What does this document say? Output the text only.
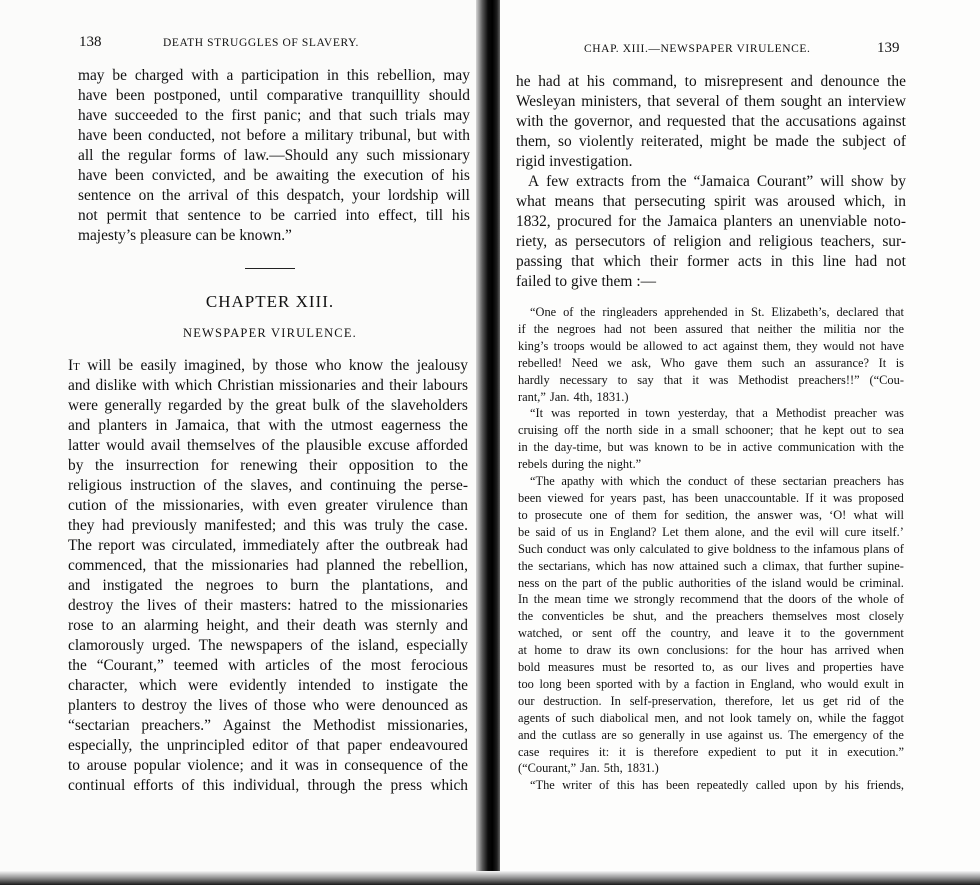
138	DEATH STRUGGLES OF SLAVERY.
may be charged with a participation in this rebellion, may
have been postponed, until comparative tranquillity should
have succeeded to the first panic; and that such trials may
have been conducted, not before a military tribunal, but with
all the regular forms of law.—Should any such missionary
have been convicted, and be awaiting the execution of his
sentence on the arrival of this despatch, your lordship will
not permit that sentence to be carried into effect, till his
majesty’s pleasure can be known.”
CHAPTER XIII.
NEWSPAPER VIRULENCE.
It will be easily imagined, by those who know the jealousy
and dislike with which Christian missionaries and their labours
were generally regarded by the great bulk of the slaveholders
and planters in Jamaica, that with the utmost eagerness the
latter would avail themselves of the plausible excuse afforded
by the insurrection for renewing their opposition to the
religious instruction of the slaves, and continuing the perse-
cution of the missionaries, with even greater virulence than
they had previously manifested; and this was truly the case.
The report was circulated, immediately after the outbreak had
commenced, that the missionaries had planned the rebellion,
and instigated the negroes to burn the plantations, and
destroy the lives of their masters: hatred to the missionaries
rose to an alarming height, and their death was sternly and
clamorously urged. The newspapers of the island, especially
the “Courant,” teemed with articles of the most ferocious
character, which were evidently intended to instigate the
planters to destroy the lives of those who were denounced as
“sectarian preachers.” Against the Methodist missionaries,
especially, the unprincipled editor of that paper endeavoured
to arouse popular violence; and it was in consequence of the
continual efforts of this individual, through the press which
CHAP. XIII.—NEWSPAPER VIRULENCE.	139
he had at his command, to misrepresent and denounce the
Wesleyan ministers, that several of them sought an interview
with the governor, and requested that the accusations against
them, so violently reiterated, might be made the subject of
rigid investigation.
A few extracts from the “Jamaica Courant” will show by
what means that persecuting spirit was aroused which, in
1832, procured for the Jamaica planters an unenviable noto-
riety, as persecutors of religion and religious teachers, sur-
passing that which their former acts in this line had not
failed to give them :—
“One of the ringleaders apprehended in St. Elizabeth’s, declared that
if the negroes had not been assured that neither the militia nor the
king’s troops would be allowed to act against them, they would not have
rebelled! Need we ask, Who gave them such an assurance? It is
hardly necessary to say that it was Methodist preachers!!” (“Cou-
rant,” Jan. 4th, 1831.)
“It was reported in town yesterday, that a Methodist preacher was
cruising off the north side in a small schooner; that he kept out to sea
in the day-time, but was known to be in active communication with the
rebels during the night.”
“The apathy with which the conduct of these sectarian preachers has
been viewed for years past, has been unaccountable. If it was proposed
to prosecute one of them for sedition, the answer was, ‘O! what will
be said of us in England? Let them alone, and the evil will cure itself.’
Such conduct was only calculated to give boldness to the infamous plans of
the sectarians, which has now attained such a climax, that further supine-
ness on the part of the public authorities of the island would be criminal.
In the mean time we strongly recommend that the doors of the whole of
the conventicles be shut, and the preachers themselves most closely
watched, or sent off the country, and leave it to the government
at home to draw its own conclusions: for the hour has arrived when
bold measures must be resorted to, as our lives and properties have
too long been sported with by a faction in England, who would exult in
our destruction. In self-preservation, therefore, let us get rid of the
agents of such diabolical men, and not look tamely on, while the faggot
and the cutlass are so generally in use against us. The emergency of the
case requires it: it is therefore expedient to put it in execution.”
(“Courant,” Jan. 5th, 1831.)
“The writer of this has been repeatedly called upon by his friends,
